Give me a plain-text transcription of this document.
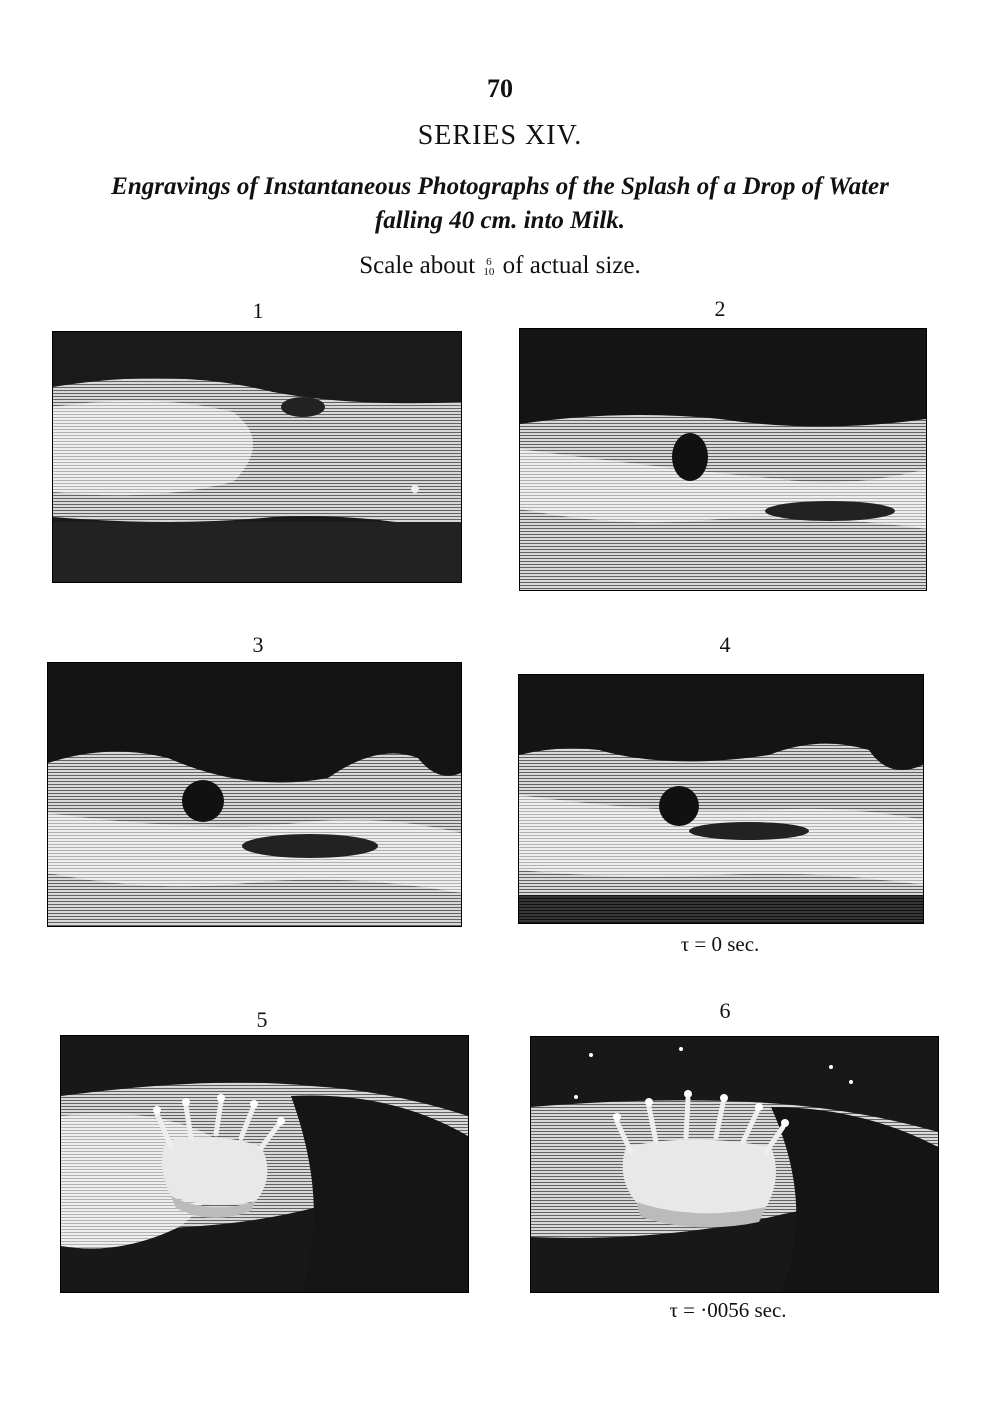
70
SERIES XIV.
Engravings of Instantaneous Photographs of the Splash of a Drop of Water
falling 40 cm. into Milk.
Scale about 6
10 of actual size.
1	2
3	4
τ = 0 sec.
5	6
τ = ·0056 sec.
